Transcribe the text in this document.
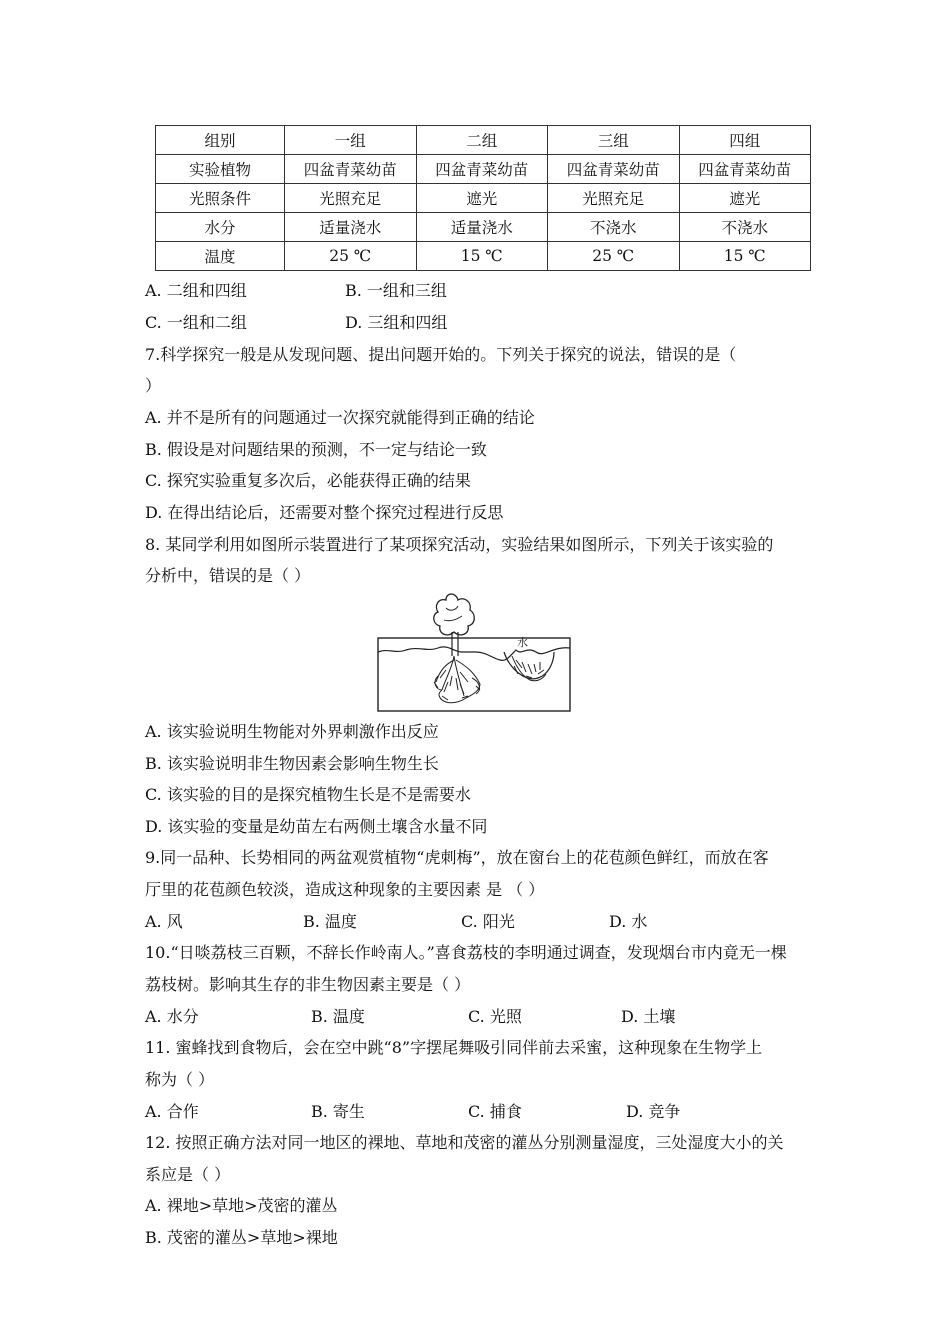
组别	一组	二组	三组	四组
实验植物	四盆青菜幼苗	四盆青菜幼苗	四盆青菜幼苗	四盆青菜幼苗
光照条件	光照充足	遮光	光照充足	遮光
水分	适量浇水	适量浇水	不浇水	不浇水
温度	25 ℃	15 ℃	25 ℃	15 ℃
A. 二组和四组	B. 一组和三组
C. 一组和二组	D. 三组和四组
7.科学探究一般是从发现问题、提出问题开始的。下列关于探究的说法，错误的是（
）
A. 并不是所有的问题通过一次探究就能得到正确的结论
B. 假设是对问题结果的预测，不一定与结论一致
C. 探究实验重复多次后，必能获得正确的结果
D. 在得出结论后，还需要对整个探究过程进行反思
8. 某同学利用如图所示装置进行了某项探究活动，实验结果如图所示，下列关于该实验的
分析中，错误的是（ ）
水
A. 该实验说明生物能对外界刺激作出反应
B. 该实验说明非生物因素会影响生物生长
C. 该实验的目的是探究植物生长是不是需要水
D. 该实验的变量是幼苗左右两侧土壤含水量不同
9.同一品种、长势相同的两盆观赏植物“虎刺梅”，放在窗台上的花苞颜色鲜红，而放在客
厅里的花苞颜色较淡，造成这种现象的主要因素 是 （ ）
A. 风	B. 温度	C. 阳光	D. 水
10.“日啖荔枝三百颗，不辞长作岭南人。”喜食荔枝的李明通过调查，发现烟台市内竟无一棵
荔枝树。影响其生存的非生物因素主要是（ ）
A. 水分	B. 温度	C. 光照	D. 土壤
11. 蜜蜂找到食物后，会在空中跳“8”字摆尾舞吸引同伴前去采蜜，这种现象在生物学上
称为（ ）
A. 合作	B. 寄生	C. 捕食	D. 竞争
12. 按照正确方法对同一地区的裸地、草地和茂密的灌丛分别测量湿度，三处湿度大小的关
系应是（ ）
A. 裸地>草地>茂密的灌丛
B. 茂密的灌丛>草地>裸地
